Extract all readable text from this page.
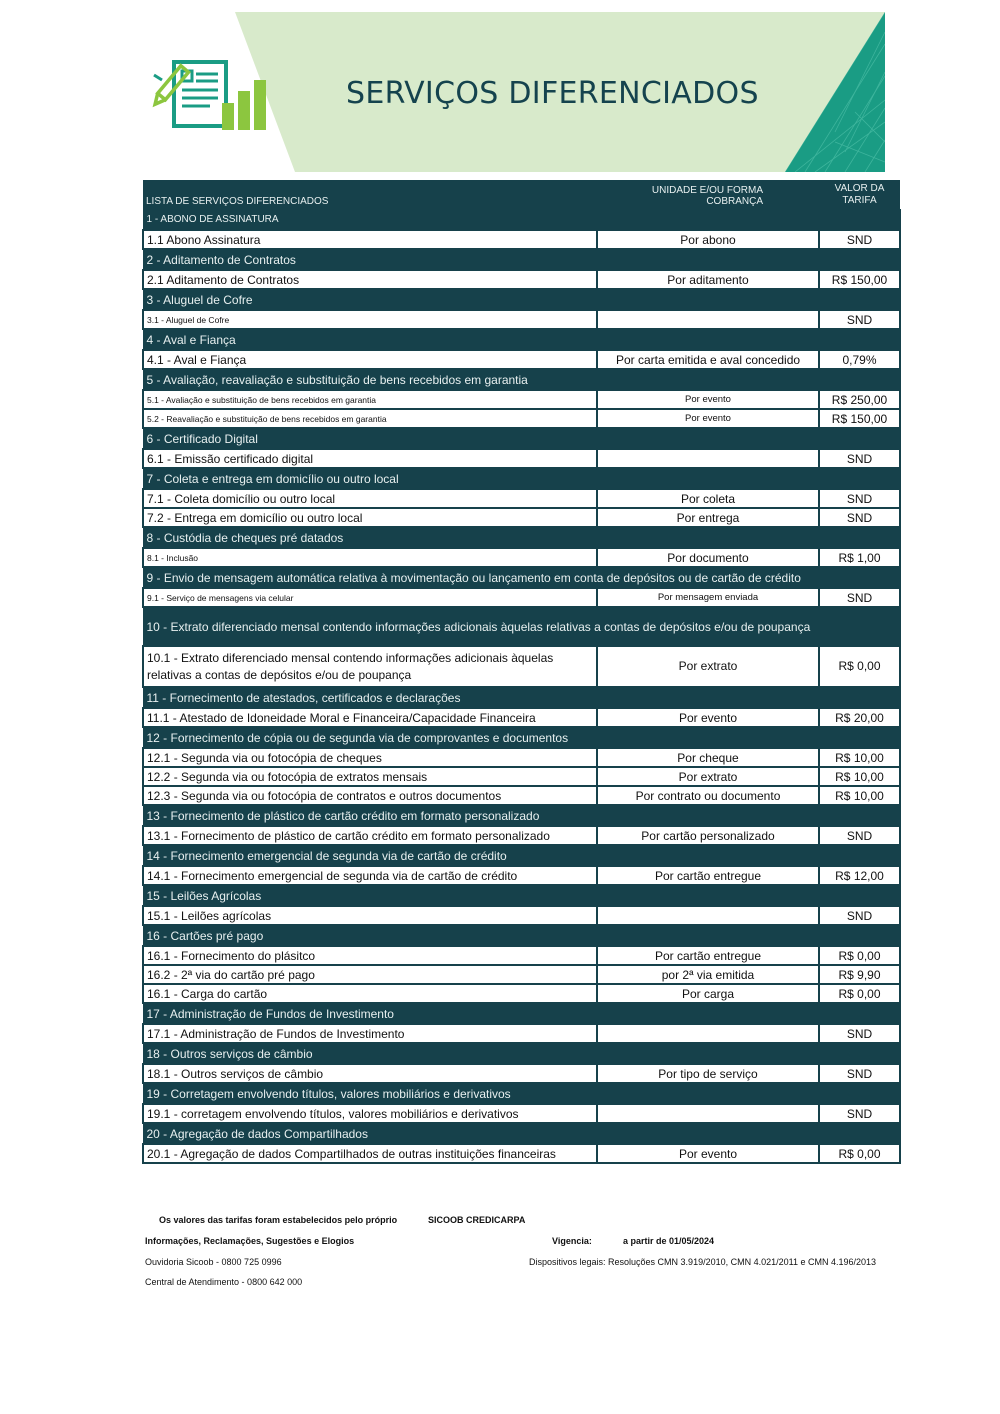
SERVIÇOS DIFERENCIADOS
LISTA DE SERVIÇOS DIFERENCIADOS	UNIDADE E/OU FORMA COBRANÇA	VALOR DA
TARIFA
1 - ABONO DE ASSINATURA		
1.1 Abono Assinatura	Por abono	SND
2 - Aditamento de Contratos		
2.1 Aditamento de Contratos	Por aditamento	R$ 150,00
3 - Aluguel de Cofre		
3.1 - Aluguel de Cofre		SND
4 - Aval e Fiança		
4.1 - Aval e Fiança	Por carta emitida e aval concedido	0,79%
5 - Avaliação, reavaliação e substituição de bens recebidos em garantia		
5.1 - Avaliação e substituição de bens recebidos em garantia	Por evento	R$ 250,00
5.2 - Reavaliação e substituição de bens recebidos em garantia	Por evento	R$ 150,00
6 - Certificado Digital		
6.1 - Emissão certificado digital		SND
7 - Coleta e entrega em domicílio ou outro local		
7.1 - Coleta domicílio ou outro local	Por coleta	SND
7.2 - Entrega em domicílio ou outro local	Por entrega	SND
8 - Custódia de cheques pré datados		
8.1 - Inclusão	Por documento	R$ 1,00
9 - Envio de mensagem automática relativa à movimentação ou lançamento em conta de depósitos ou de cartão de crédito		
9.1 - Serviço de mensagens via celular	Por mensagem enviada	SND
10 - Extrato diferenciado mensal contendo informações adicionais àquelas relativas a contas de depósitos e/ou de poupança		
10.1 - Extrato diferenciado mensal contendo informações adicionais àquelas relativas a contas de depósitos e/ou de poupança	Por extrato	R$ 0,00
11 - Fornecimento de atestados, certificados e declarações		
11.1 - Atestado de Idoneidade Moral e Financeira/Capacidade Financeira	Por evento	R$ 20,00
12 - Fornecimento de cópia ou de segunda via de comprovantes e documentos		
12.1 - Segunda via ou fotocópia de cheques	Por cheque	R$ 10,00
12.2 - Segunda via ou fotocópia de extratos mensais	Por extrato	R$ 10,00
12.3 - Segunda via ou fotocópia de contratos e outros documentos	Por contrato ou documento	R$ 10,00
13 - Fornecimento de plástico de cartão crédito em formato personalizado		
13.1 - Fornecimento de plástico de cartão crédito em formato personalizado	Por cartão personalizado	SND
14 - Fornecimento emergencial de segunda via de cartão de crédito		
14.1 - Fornecimento emergencial de segunda via de cartão de crédito	Por cartão entregue	R$ 12,00
15 - Leilões Agrícolas		
15.1 - Leilões agrícolas		SND
16 - Cartões pré pago		
16.1 - Fornecimento do plásitco	Por cartão entregue	R$ 0,00
16.2 - 2ª via do cartão pré pago	por 2ª via emitida	R$ 9,90
16.1 - Carga do cartão	Por carga	R$ 0,00
17 - Administração de Fundos de Investimento		
17.1 - Administração de Fundos de Investimento		SND
18 - Outros serviços de câmbio		
18.1 - Outros serviços de câmbio	Por tipo de serviço	SND
19 - Corretagem envolvendo títulos, valores mobiliários e derivativos		
19.1 - corretagem envolvendo títulos, valores mobiliários e derivativos		SND
20 - Agregação de dados Compartilhados		
20.1 - Agregação de dados Compartilhados de outras instituições financeiras	Por evento	R$ 0,00
Os valores das tarifas foram estabelecidos pelo próprio	SICOOB CREDICARPA
Informações, Reclamações, Sugestões e Elogios	Vigencia:	a partir de 01/05/2024
Ouvidoria Sicoob - 0800 725 0996	Dispositivos legais: Resoluções CMN 3.919/2010, CMN 4.021/2011 e CMN 4.196/2013
Central de Atendimento - 0800 642 000
